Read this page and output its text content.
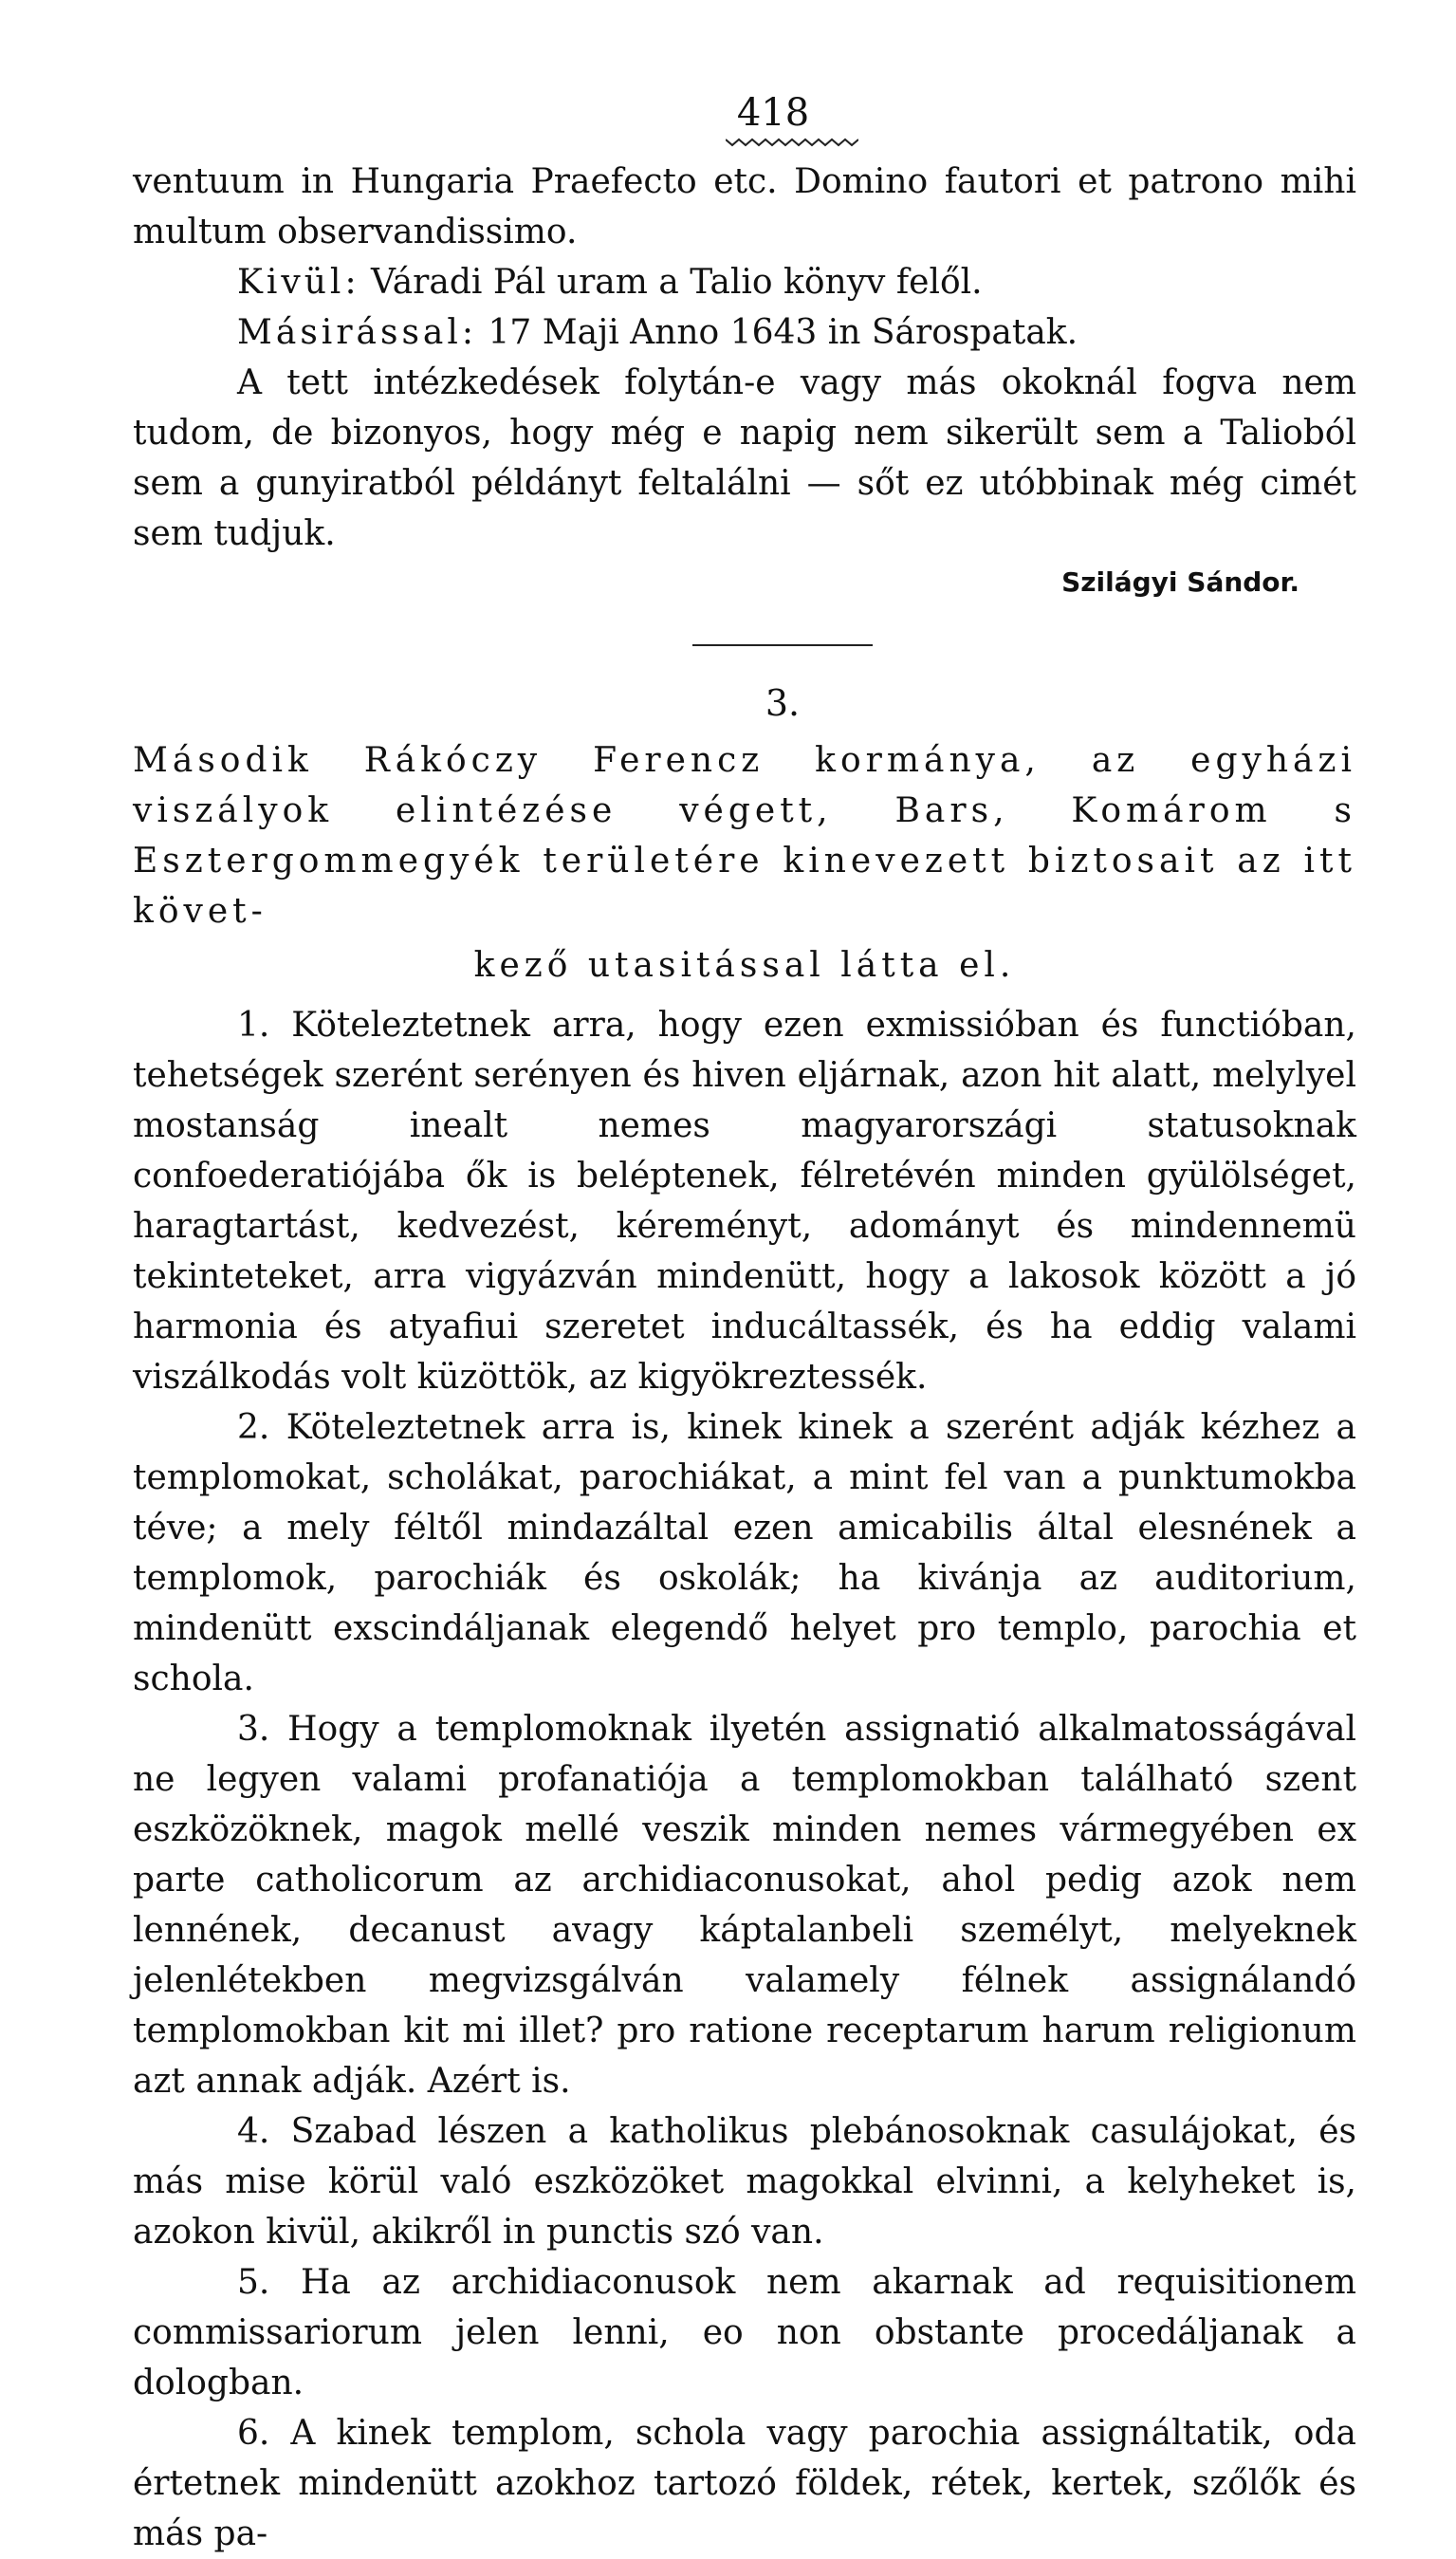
418

ventuum in Hungaria Praefecto etc. Domino fautori et patrono mihi multum observandissimo.

Kivül: Váradi Pál uram a Talio könyv felől.

Másirással: 17 Maji Anno 1643 in Sárospatak.

A tett intézkedések folytán-e vagy más okoknál fogva nem tudom, de bizonyos, hogy még e napig nem sikerült sem a Talioból sem a gunyiratból példányt feltalálni — sőt ez utóbbinak még cimét sem tudjuk.

Szilágyi Sándor.
3.
Második Rákóczy Ferencz kormánya, az egyházi viszályok elintézése végett, Bars, Komárom s Esztergommegyék területére kinevezett biztosait az itt követ-
kező utasitással látta el.

1. Köteleztetnek arra, hogy ezen exmissióban és functióban, tehetségek szerént serényen és hiven eljárnak, azon hit alatt, melylyel mostanság inealt nemes magyarországi statusoknak confoederatiójába ők is beléptenek, félretévén minden gyülölséget, haragtartást, kedvezést, kéreményt, adományt és mindennemü tekinteteket, arra vigyázván mindenütt, hogy a lakosok között a jó harmonia és atyafiui szeretet inducáltassék, és ha eddig valami viszálkodás volt küzöttök, az kigyökreztessék.

2. Köteleztetnek arra is, kinek kinek a szerént adják kézhez a templomokat, scholákat, parochiákat, a mint fel van a punktumokba téve; a mely féltől mindazáltal ezen amicabilis által elesnének a templomok, parochiák és oskolák; ha kivánja az auditorium, mindenütt exscindáljanak elegendő helyet pro templo, parochia et schola.

3. Hogy a templomoknak ilyetén assignatió alkalmatosságával ne legyen valami profanatiója a templomokban található szent eszközöknek, magok mellé veszik minden nemes vármegyében ex parte catholicorum az archidiaconusokat, ahol pedig azok nem lennének, decanust avagy káptalanbeli személyt, melyeknek jelenlétekben megvizsgálván valamely félnek assignálandó templomokban kit mi illet? pro ratione receptarum harum religionum azt annak adják. Azért is.

4. Szabad lészen a katholikus plebánosoknak casulájokat, és más mise körül való eszközöket magokkal elvinni, a kelyheket is, azokon kivül, akikről in punctis szó van.

5. Ha az archidiaconusok nem akarnak ad requisitionem commissariorum jelen lenni, eo non obstante procedáljanak a dologban.

6. A kinek templom, schola vagy parochia assignáltatik, oda értetnek mindenütt azokhoz tartozó földek, rétek, kertek, szőlők és más pa-
